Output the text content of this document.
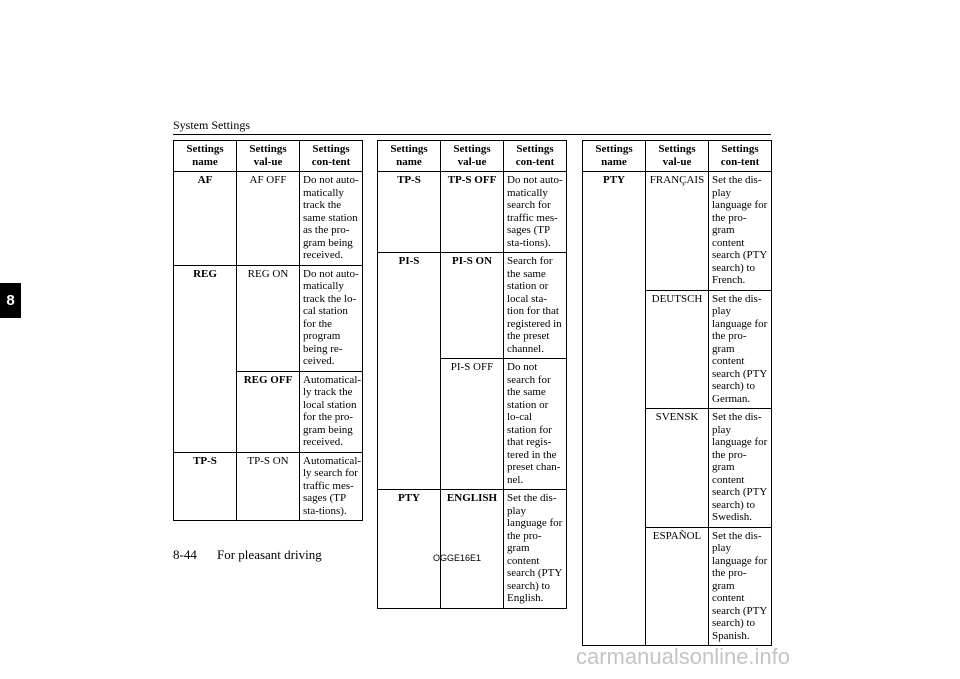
System Settings
8
Settings name	Settings val-ue	Settings con-tent
AF	AF OFF	Do not auto-matically track the same station as the pro-gram being received.
REG	REG ON	Do not auto-matically track the lo-cal station for the program being re-ceived.
	REG OFF	Automatical-ly track the local station for the pro-gram being received.
TP-S	TP-S ON	Automatical-ly search for traffic mes-sages (TP sta-tions).
Settings name	Settings val-ue	Settings con-tent
TP-S	TP-S OFF	Do not auto-matically search for traffic mes-sages (TP sta-tions).
PI-S	PI-S ON	Search for the same station or local sta-tion for that registered in the preset channel.
	PI-S OFF	Do not search for the same station or lo-cal station for that regis-tered in the preset chan-nel.
PTY	ENGLISH	Set the dis-play language for the pro-gram content search (PTY search) to English.
Settings name	Settings val-ue	Settings con-tent
PTY	FRANÇAIS	Set the dis-play language for the pro-gram content search (PTY search) to French.
	DEUTSCH	Set the dis-play language for the pro-gram content search (PTY search) to German.
	SVENSK	Set the dis-play language for the pro-gram content search (PTY search) to Swedish.
	ESPAÑOL	Set the dis-play language for the pro-gram content search (PTY search) to Spanish.
8-44 For pleasant driving	OGGE16E1
carmanualsonline.info
